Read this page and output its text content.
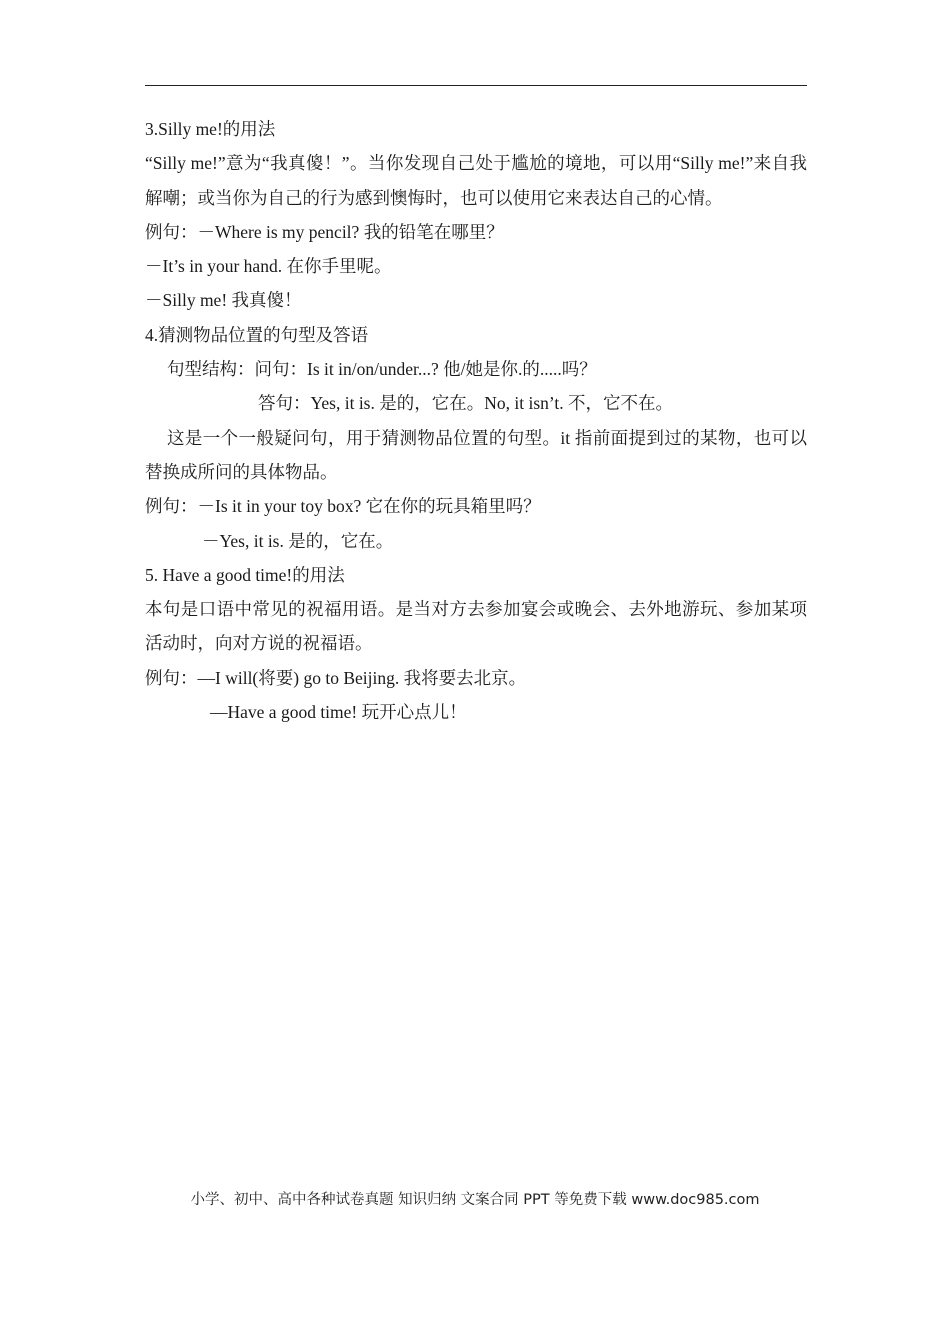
3.Silly me!的用法
“Silly me!”意为“我真傻！”。当你发现自己处于尴尬的境地，可以用“Silly me!”来自我解嘲；或当你为自己的行为感到懊悔时，也可以使用它来表达自己的心情。
例句：－Where is my pencil? 我的铅笔在哪里？
－It’s in your hand. 在你手里呢。
－Silly me! 我真傻！
4.猜测物品位置的句型及答语
句型结构：问句：Is it in/on/under...? 他/她是你.的.....吗？
答句：Yes, it is. 是的，它在。No, it isn’t. 不，它不在。
这是一个一般疑问句，用于猜测物品位置的句型。it 指前面提到过的某物，也可以替换成所问的具体物品。
例句：－Is it in your toy box? 它在你的玩具箱里吗？
－Yes, it is. 是的，它在。
5. Have a good time!的用法
本句是口语中常见的祝福用语。是当对方去参加宴会或晚会、去外地游玩、参加某项活动时，向对方说的祝福语。
例句：—I will(将要) go to Beijing. 我将要去北京。
—Have a good time! 玩开心点儿！
小学、初中、高中各种试卷真题 知识归纳 文案合同 PPT 等免费下载 www.doc985.com
